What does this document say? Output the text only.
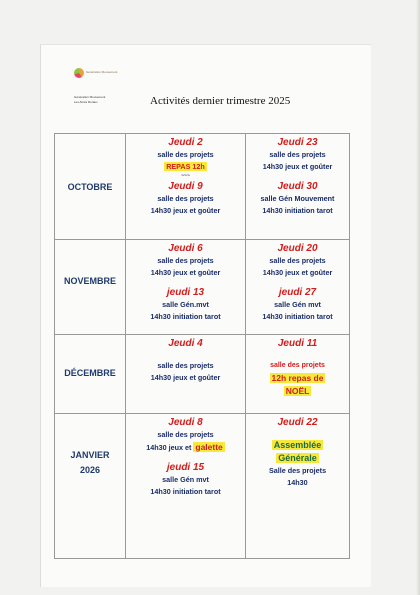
Génération Mouvement
Génération Mouvement
Les Aînés Ruraux	Activités dernier trimestre 2025
OCTOBRE
NOVEMBRE
DÉCEMBRE
JANVIER 2026
Jeudi 2
salle des projets
REPAS 12h
~~~
Jeudi 9
salle des projets
14h30 jeux et goûter
Jeudi 23
salle des projets
14h30 jeux et goûter
Jeudi 30
salle Gén Mouvement
14h30 initiation tarot
Jeudi 6
salle des projets
14h30 jeux et goûter
jeudi 13
salle Gén.mvt
14h30 initiation tarot
Jeudi 20
salle des projets
14h30 jeux et goûter
jeudi 27
salle Gén mvt
14h30 initiation tarot
Jeudi 4
salle des projets
14h30 jeux et goûter
Jeudi 11
salle des projets
12h repas de
NOËL
Jeudi 8
salle des projets
14h30 jeux et galette
jeudi 15
salle Gén mvt
14h30 initiation tarot
Jeudi 22
Assemblée
Générale
Salle des projets
14h30
